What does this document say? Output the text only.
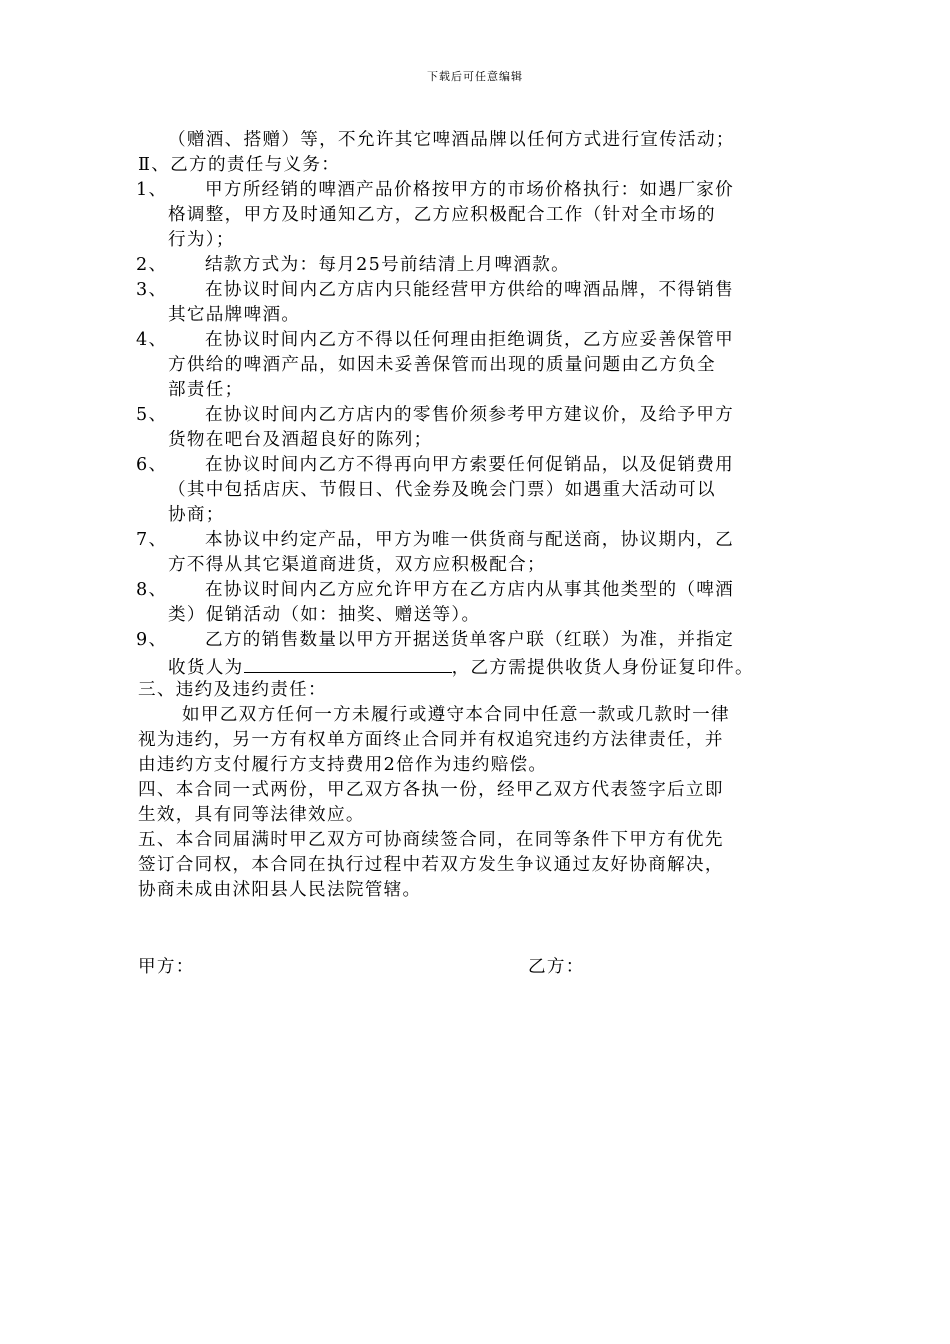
下载后可任意编辑
（赠酒、搭赠）等，不允许其它啤酒品牌以任何方式进行宣传活动；
Ⅱ、乙方的责任与义务：
1、	甲方所经销的啤酒产品价格按甲方的市场价格执行：如遇厂家价
格调整，甲方及时通知乙方，乙方应积极配合工作（针对全市场的
行为）；
2、	结款方式为：每月25号前结清上月啤酒款。
3、	在协议时间内乙方店内只能经营甲方供给的啤酒品牌，不得销售
其它品牌啤酒。
4、	在协议时间内乙方不得以任何理由拒绝调货，乙方应妥善保管甲
方供给的啤酒产品，如因未妥善保管而出现的质量问题由乙方负全
部责任；
5、	在协议时间内乙方店内的零售价须参考甲方建议价，及给予甲方
货物在吧台及酒超良好的陈列；
6、	在协议时间内乙方不得再向甲方索要任何促销品，以及促销费用
（其中包括店庆、节假日、代金券及晚会门票）如遇重大活动可以
协商；
7、	本协议中约定产品，甲方为唯一供货商与配送商，协议期内，乙
方不得从其它渠道商进货，双方应积极配合；
8、	在协议时间内乙方应允许甲方在乙方店内从事其他类型的（啤酒
类）促销活动（如：抽奖、赠送等）。
9、	乙方的销售数量以甲方开据送货单客户联（红联）为准，并指定
收货人为	，乙方需提供收货人身份证复印件。
三、违约及违约责任：
如甲乙双方任何一方未履行或遵守本合同中任意一款或几款时一律
视为违约，另一方有权单方面终止合同并有权追究违约方法律责任，并
由违约方支付履行方支持费用2倍作为违约赔偿。
四、本合同一式两份，甲乙双方各执一份，经甲乙双方代表签字后立即
生效，具有同等法律效应。
五、本合同届满时甲乙双方可协商续签合同，在同等条件下甲方有优先
签订合同权，本合同在执行过程中若双方发生争议通过友好协商解决，
协商未成由沭阳县人民法院管辖。
甲方：	乙方：
